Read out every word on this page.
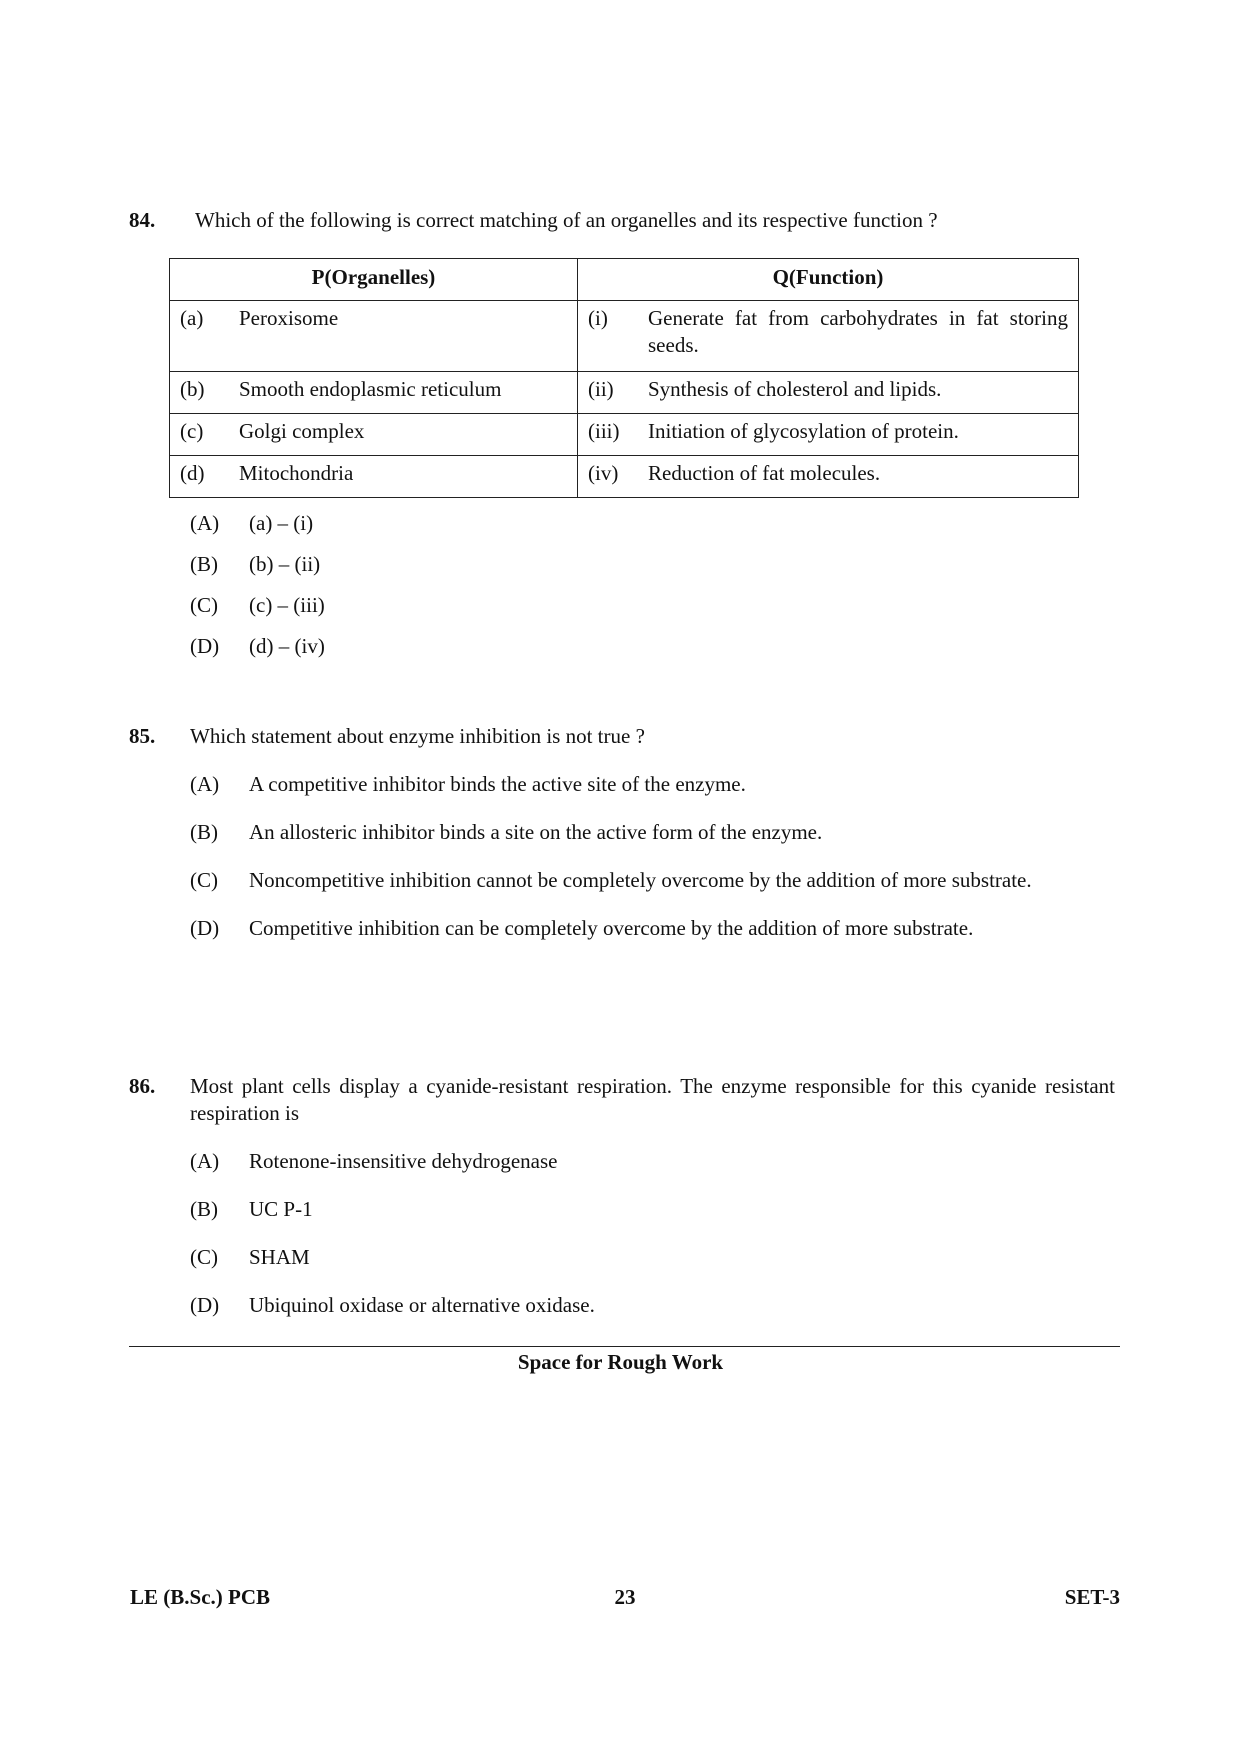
84.	Which of the following is correct matching of an organelles and its respective function ?
P(Organelles)	Q(Function)

(a) Peroxisome	(i) Generate fat from carbohydrates in fat storing seeds.

(b) Smooth endoplasmic reticulum	(ii) Synthesis of cholesterol and lipids.

(c) Golgi complex	(iii) Initiation of glycosylation of protein.

(d) Mitochondria	(iv) Reduction of fat molecules.
(A)	(a) – (i)
(B)	(b) – (ii)
(C)	(c) – (iii)
(D)	(d) – (iv)
85.	Which statement about enzyme inhibition is not true ?
(A)	A competitive inhibitor binds the active site of the enzyme.
(B)	An allosteric inhibitor binds a site on the active form of the enzyme.
(C)	Noncompetitive inhibition cannot be completely overcome by the addition of more substrate.
(D)	Competitive inhibition can be completely overcome by the addition of more substrate.
86.	Most plant cells display a cyanide-resistant respiration. The enzyme responsible for this cyanide resistant respiration is
(A)	Rotenone-insensitive dehydrogenase
(B)	UC P-1
(C)	SHAM
(D)	Ubiquinol oxidase or alternative oxidase.
Space for Rough Work
LE (B.Sc.) PCB	23	SET-3
